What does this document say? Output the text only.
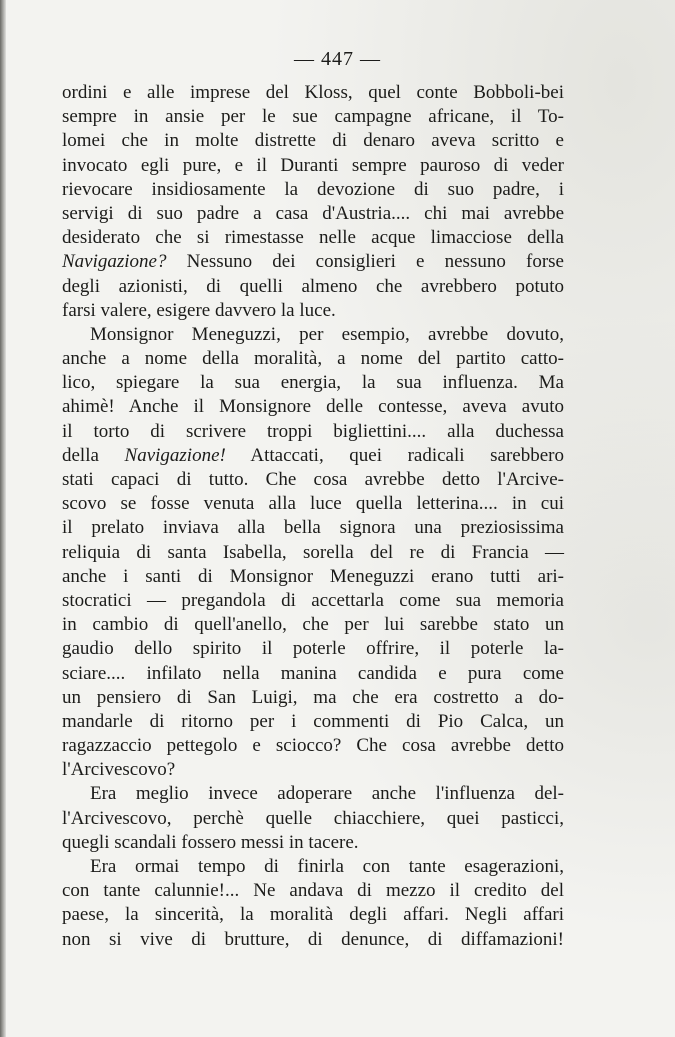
— 447 —
ordini e alle imprese del Kloss, quel conte Bobboli-bei
sempre in ansie per le sue campagne africane, il To-
lomei che in molte distrette di denaro aveva scritto e
invocato egli pure, e il Duranti sempre pauroso di veder
rievocare insidiosamente la devozione di suo padre, i
servigi di suo padre a casa d'Austria.... chi mai avrebbe
desiderato che si rimestasse nelle acque limacciose della
Navigazione? Nessuno dei consiglieri e nessuno forse
degli azionisti, di quelli almeno che avrebbero potuto
farsi valere, esigere davvero la luce.
Monsignor Meneguzzi, per esempio, avrebbe dovuto,
anche a nome della moralità, a nome del partito catto-
lico, spiegare la sua energia, la sua influenza. Ma
ahimè! Anche il Monsignore delle contesse, aveva avuto
il torto di scrivere troppi bigliettini.... alla duchessa
della Navigazione! Attaccati, quei radicali sarebbero
stati capaci di tutto. Che cosa avrebbe detto l'Arcive-
scovo se fosse venuta alla luce quella letterina.... in cui
il prelato inviava alla bella signora una preziosissima
reliquia di santa Isabella, sorella del re di Francia —
anche i santi di Monsignor Meneguzzi erano tutti ari-
stocratici — pregandola di accettarla come sua memoria
in cambio di quell'anello, che per lui sarebbe stato un
gaudio dello spirito il poterle offrire, il poterle la-
sciare.... infilato nella manina candida e pura come
un pensiero di San Luigi, ma che era costretto a do-
mandarle di ritorno per i commenti di Pio Calca, un
ragazzaccio pettegolo e sciocco? Che cosa avrebbe detto
l'Arcivescovo?
Era meglio invece adoperare anche l'influenza del-
l'Arcivescovo, perchè quelle chiacchiere, quei pasticci,
quegli scandali fossero messi in tacere.
Era ormai tempo di finirla con tante esagerazioni,
con tante calunnie!... Ne andava di mezzo il credito del
paese, la sincerità, la moralità degli affari. Negli affari
non si vive di brutture, di denunce, di diffamazioni!
